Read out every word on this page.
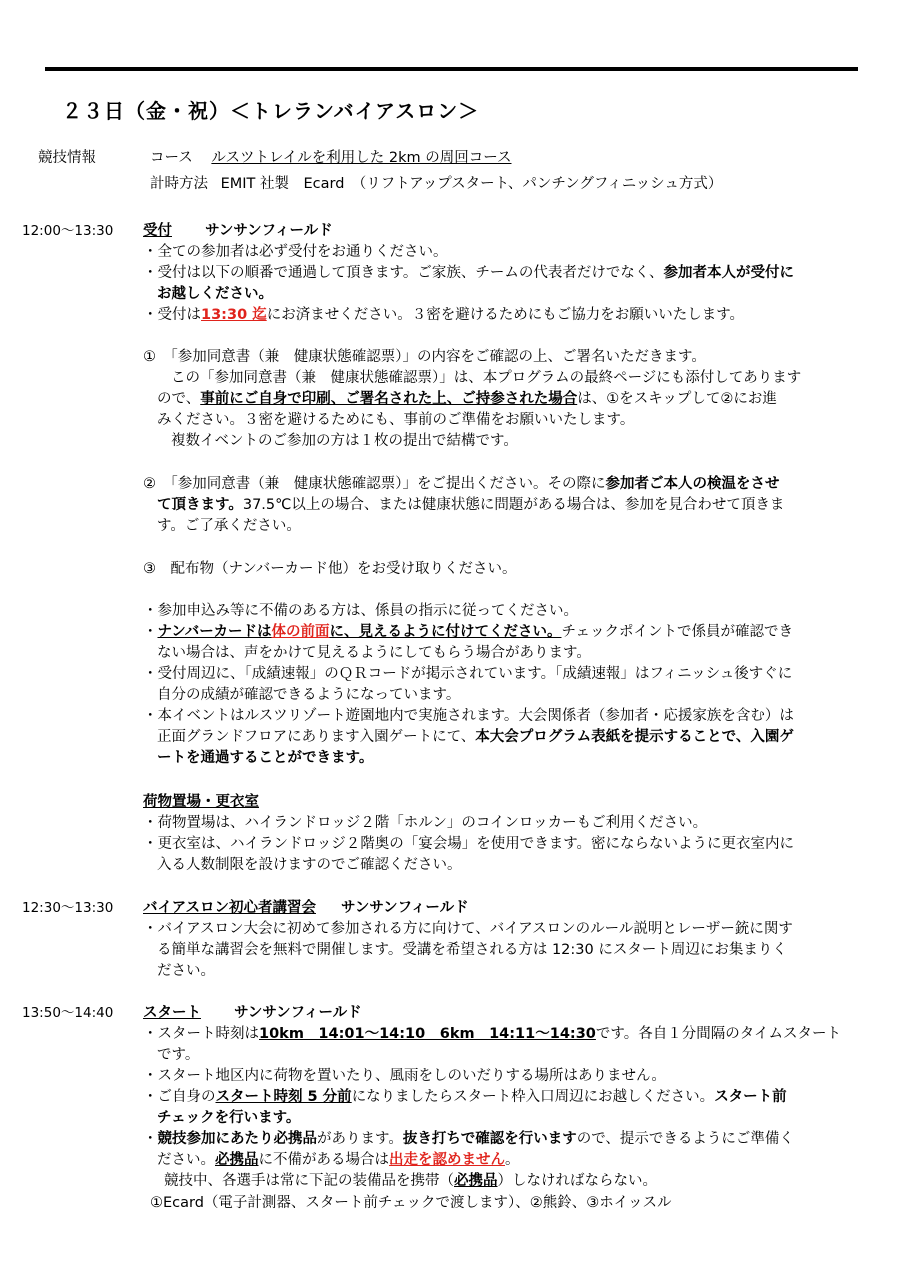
２３日（金・祝）＜トレランバイアスロン＞
競技情報	コース ルスツトレイルを利用した 2km の周回コース
計時方法 EMIT 社製　Ecard　（リフトアップスタート、パンチングフィニッシュ方式）
12:00～13:30 受付 サンサンフィールド
・全ての参加者は必ず受付をお通りください。
・受付は以下の順番で通過して頂きます。ご家族、チームの代表者だけでなく、参加者本人が受付に
お越しください。
・受付は13:30 迄にお済ませください。３密を避けるためにもご協力をお願いいたします。
①　「参加同意書（兼　健康状態確認票）」の内容をご確認の上、ご署名いただきます。
この「参加同意書（兼　健康状態確認票）」は、本プログラムの最終ページにも添付してあります
ので、事前にご自身で印刷、ご署名された上、ご持参された場合は、①をスキップして②にお進
みください。３密を避けるためにも、事前のご準備をお願いいたします。
複数イベントのご参加の方は１枚の提出で結構です。
②　「参加同意書（兼　健康状態確認票）」をご提出ください。その際に参加者ご本人の検温をさせ
て頂きます。37.5℃以上の場合、または健康状態に問題がある場合は、参加を見合わせて頂きま
す。ご了承ください。
③　配布物（ナンバーカード他）をお受け取りください。
・参加申込み等に不備のある方は、係員の指示に従ってください。
・ナンバーカードは体の前面に、見えるように付けてください。チェックポイントで係員が確認でき
ない場合は、声をかけて見えるようにしてもらう場合があります。
・受付周辺に、「成績速報」のＱＲコードが掲示されています。「成績速報」はフィニッシュ後すぐに
自分の成績が確認できるようになっています。
・本イベントはルスツリゾート遊園地内で実施されます。大会関係者（参加者・応援家族を含む）は
正面グランドフロアにあります入園ゲートにて、本大会プログラム表紙を提示することで、入園ゲ
ートを通過することができます。
荷物置場・更衣室
・荷物置場は、ハイランドロッジ２階「ホルン」のコインロッカーもご利用ください。
・更衣室は、ハイランドロッジ２階奥の「宴会場」を使用できます。密にならないように更衣室内に
入る人数制限を設けますのでご確認ください。
12:30～13:30 バイアスロン初心者講習会 サンサンフィールド
・バイアスロン大会に初めて参加される方に向けて、バイアスロンのルール説明とレーザー銃に関す
る簡単な講習会を無料で開催します。受講を希望される方は 12:30 にスタート周辺にお集まりく
ださい。
13:50～14:40 スタート サンサンフィールド
・スタート時刻は10km　14:01～14:10　6km　14:11～14:30です。各自１分間隔のタイムスタート
です。
・スタート地区内に荷物を置いたり、風雨をしのいだりする場所はありません。
・ご自身のスタート時刻 5 分前になりましたらスタート枠入口周辺にお越しください。スタート前
チェックを行います。
・競技参加にあたり必携品があります。抜き打ちで確認を行いますので、提示できるようにご準備く
ださい。必携品に不備がある場合は出走を認めません。
競技中、各選手は常に下記の装備品を携帯（必携品）しなければならない。
①Ecard（電子計測器、スタート前チェックで渡します）、②熊鈴、③ホイッスル
